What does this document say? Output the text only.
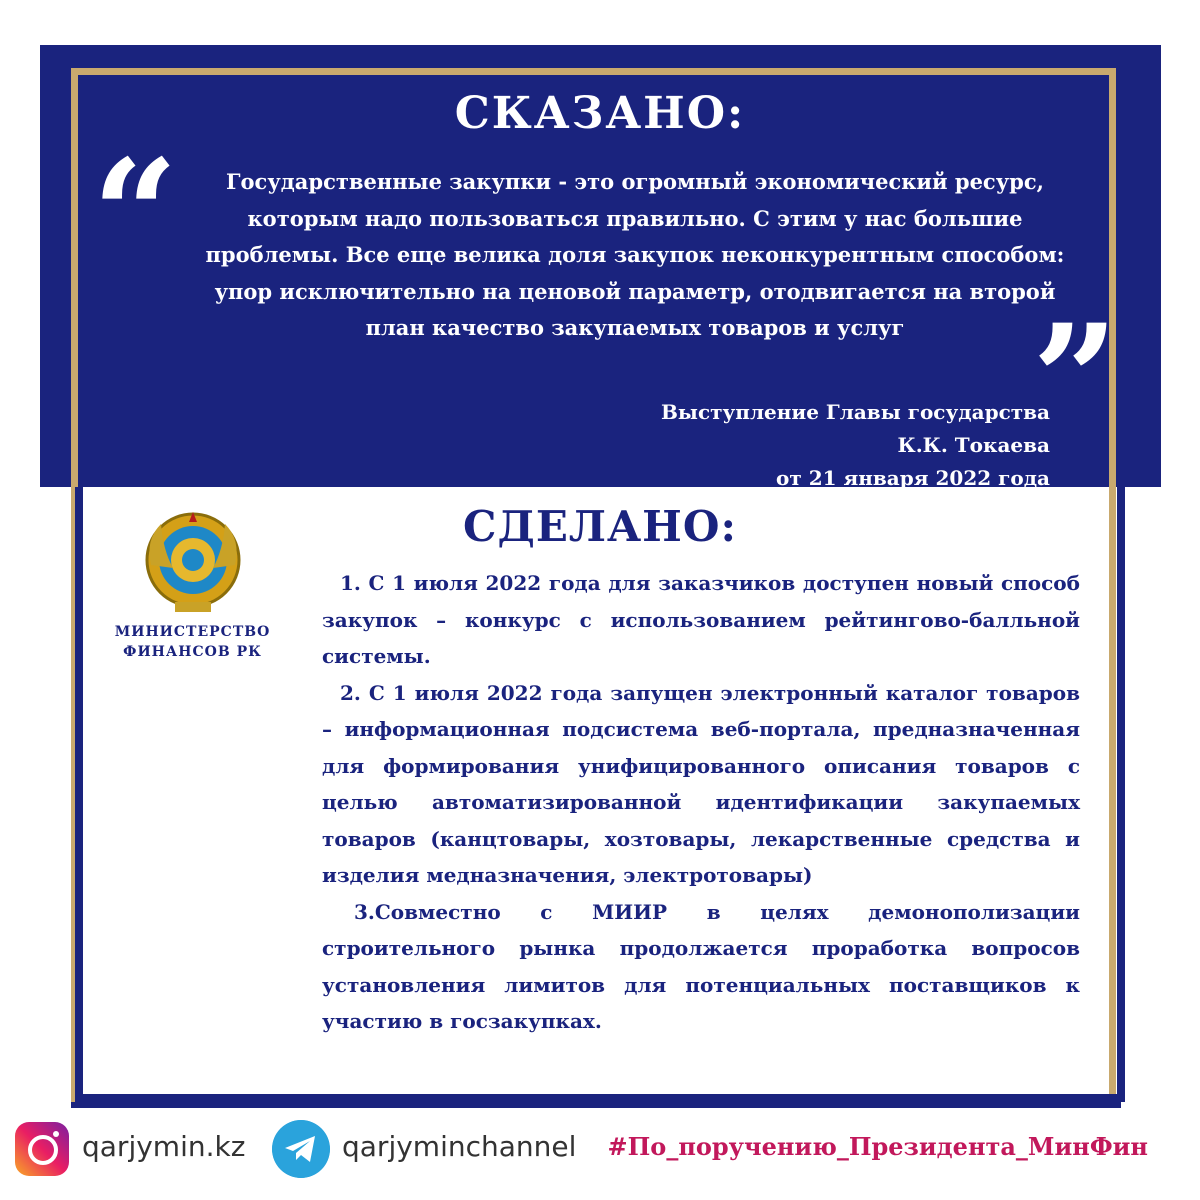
СКАЗАНО:
“
”
Государственные закупки - это огромный экономический ресурс, которым надо пользоваться правильно. С этим у нас большие проблемы. Все еще велика доля закупок неконкурентным способом: упор исключительно на ценовой параметр, отодвигается на второй план качество закупаемых товаров и услуг
Выступление Главы государства
К.К. Токаева
от 21 января 2022 года
МИНИСТЕРСТВО
ФИНАНСОВ РК
СДЕЛАНО:

1. С 1 июля 2022 года для заказчиков доступен новый способ закупок – конкурс с использованием рейтингово-балльной системы.

2. С 1 июля 2022 года запущен электронный каталог товаров – информационная подсистема веб-портала, предназначенная для формирования унифицированного описания товаров с целью автоматизированной идентификации закупаемых товаров (канцтовары, хозтовары, лекарственные средства и изделия медназначения, электротовары)

3.Совместно с МИИР в целях демонополизации строительного рынка продолжается проработка вопросов установления лимитов для потенциальных поставщиков к участию в госзакупках.

qarjymin.kz	qarjyminchannel #По_поручению_Президента_МинФин
